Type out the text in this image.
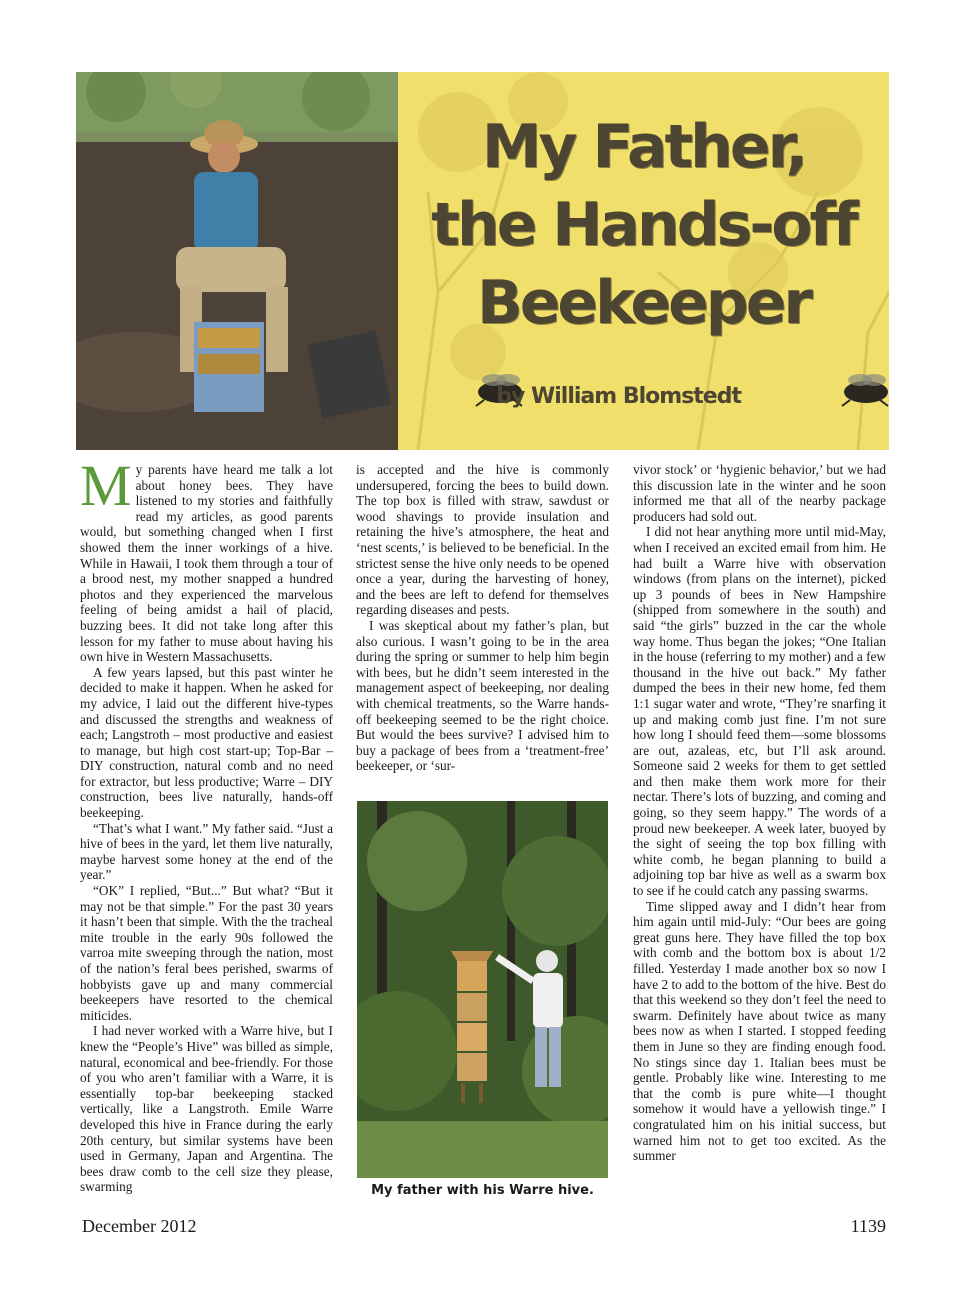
My Father,
the Hands-off
Beekeeper
by William Blomstedt

My parents have heard me talk a lot about honey bees. They have listened to my stories and faithfully read my articles, as good parents would, but something changed when I first showed them the inner workings of a hive. While in Hawaii, I took them through a tour of a brood nest, my mother snapped a hundred photos and they experienced the marvelous feeling of being amidst a hail of placid, buzzing bees. It did not take long after this lesson for my father to muse about having his own hive in Western Massachusetts.

A few years lapsed, but this past winter he decided to make it happen. When he asked for my advice, I laid out the different hive-types and discussed the strengths and weakness of each; Langstroth – most productive and easiest to manage, but high cost start-up; Top-Bar – DIY construction, natural comb and no need for extractor, but less productive; Warre – DIY construction, bees live naturally, hands-off beekeeping.

“That’s what I want.” My father said. “Just a hive of bees in the yard, let them live naturally, maybe harvest some honey at the end of the year.”

“OK” I replied, “But...” But what? “But it may not be that simple.” For the past 30 years it hasn’t been that simple. With the the tracheal mite trouble in the early 90s followed the varroa mite sweeping through the nation, most of the nation’s feral bees perished, swarms of hobbyists gave up and many commercial beekeepers have resorted to the chemical miticides.

I had never worked with a Warre hive, but I knew the “People’s Hive” was billed as simple, natural, economical and bee-friendly. For those of you who aren’t familiar with a Warre, it is essentially top-bar beekeeping stacked vertically, like a Langstroth. Emile Warre developed this hive in France during the early 20th century, but similar systems have been used in Germany, Japan and Argentina. The bees draw comb to the cell size they please, swarming

is accepted and the hive is commonly undersupered, forcing the bees to build down. The top box is filled with straw, sawdust or wood shavings to provide insulation and retaining the hive’s atmosphere, the heat and ‘nest scents,’ is believed to be beneficial. In the strictest sense the hive only needs to be opened once a year, during the harvesting of honey, and the bees are left to defend for themselves regarding diseases and pests.

I was skeptical about my father’s plan, but also curious. I wasn’t going to be in the area during the spring or summer to help him begin with bees, but he didn’t seem interested in the management aspect of beekeeping, nor dealing with chemical treatments, so the Warre hands-off beekeeping seemed to be the right choice. But would the bees survive? I advised him to buy a package of bees from a ‘treatment-free’ beekeeper, or ‘sur-

My father with his Warre hive.

vivor stock’ or ‘hygienic behavior,’ but we had this discussion late in the winter and he soon informed me that all of the nearby package producers had sold out.

I did not hear anything more until mid-May, when I received an excited email from him. He had built a Warre hive with observation windows (from plans on the internet), picked up 3 pounds of bees in New Hampshire (shipped from somewhere in the south) and said “the girls” buzzed in the car the whole way home. Thus began the jokes; “One Italian in the house (referring to my mother) and a few thousand in the hive out back.” My father dumped the bees in their new home, fed them 1:1 sugar water and wrote, “They’re snarfing it up and making comb just fine. I’m not sure how long I should feed them—some blossoms are out, azaleas, etc, but I’ll ask around. Someone said 2 weeks for them to get settled and then make them work more for their nectar. There’s lots of buzzing, and coming and going, so they seem happy.” The words of a proud new beekeeper. A week later, buoyed by the sight of seeing the top box filling with white comb, he began planning to build a adjoining top bar hive as well as a swarm box to see if he could catch any passing swarms.

Time slipped away and I didn’t hear from him again until mid-July: “Our bees are going great guns here. They have filled the top box with comb and the bottom box is about 1/2 filled. Yesterday I made another box so now I have 2 to add to the bottom of the hive. Best do that this weekend so they don’t feel the need to swarm. Definitely have about twice as many bees now as when I started. I stopped feeding them in June so they are finding enough food. No stings since day 1. Italian bees must be gentle. Probably like wine. Interesting to me that the comb is pure white—I thought somehow it would have a yellowish tinge.” I congratulated him on his initial success, but warned him not to get too excited. As the summer

December 2012	1139
